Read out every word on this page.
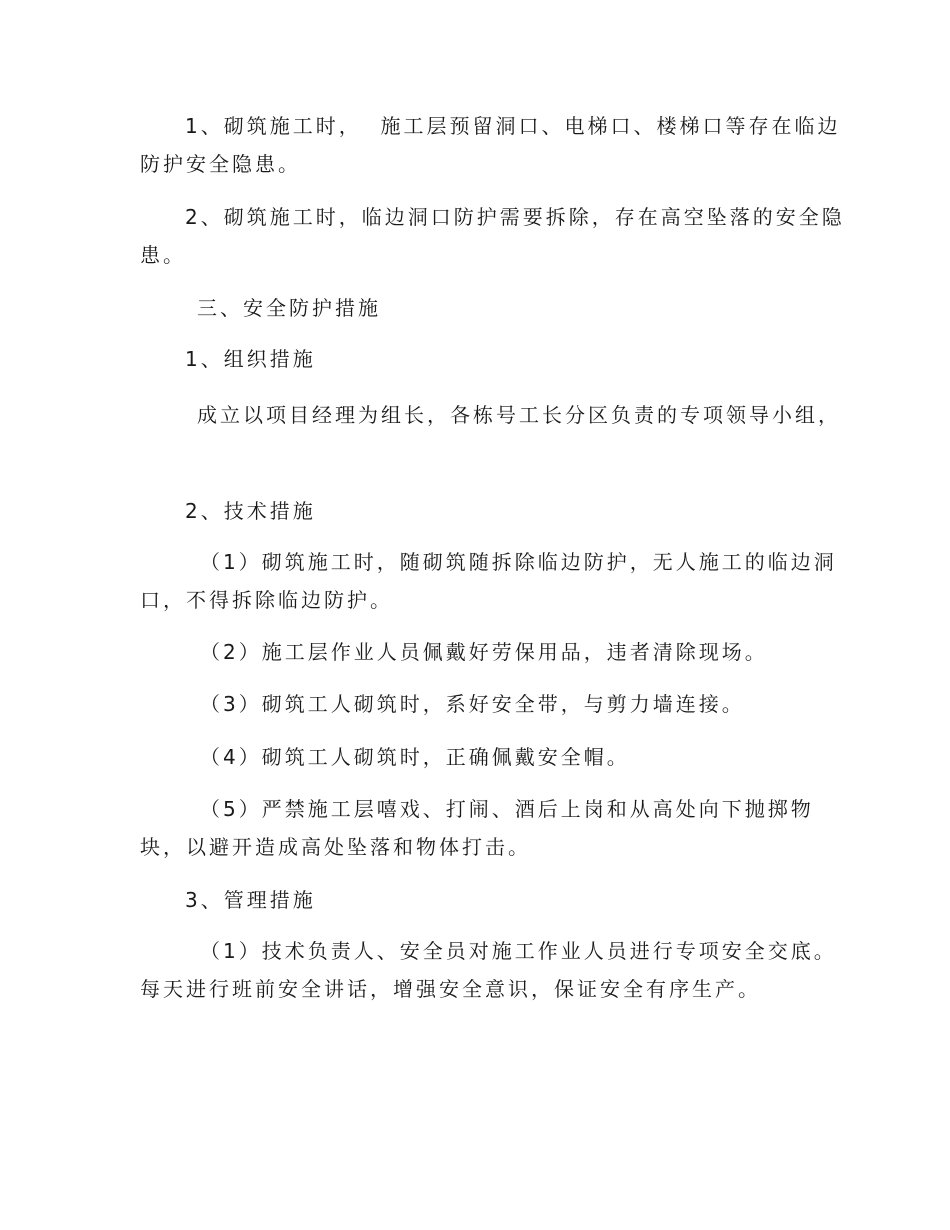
1、砌筑施工时，  施工层预留洞口、电梯口、楼梯口等存在临边

防护安全隐患。

2、砌筑施工时，临边洞口防护需要拆除，存在高空坠落的安全隐

患。

三、安全防护措施

1、组织措施

成立以项目经理为组长，各栋号工长分区负责的专项领导小组，

2、技术措施

（1）砌筑施工时，随砌筑随拆除临边防护，无人施工的临边洞

口，不得拆除临边防护。

（2）施工层作业人员佩戴好劳保用品，违者清除现场。

（3）砌筑工人砌筑时，系好安全带，与剪力墙连接。

（4）砌筑工人砌筑时，正确佩戴安全帽。

（5）严禁施工层嘻戏、打闹、酒后上岗和从高处向下抛掷物

块，以避开造成高处坠落和物体打击。

3、管理措施

（1）技术负责人、安全员对施工作业人员进行专项安全交底。

每天进行班前安全讲话，增强安全意识，保证安全有序生产。
